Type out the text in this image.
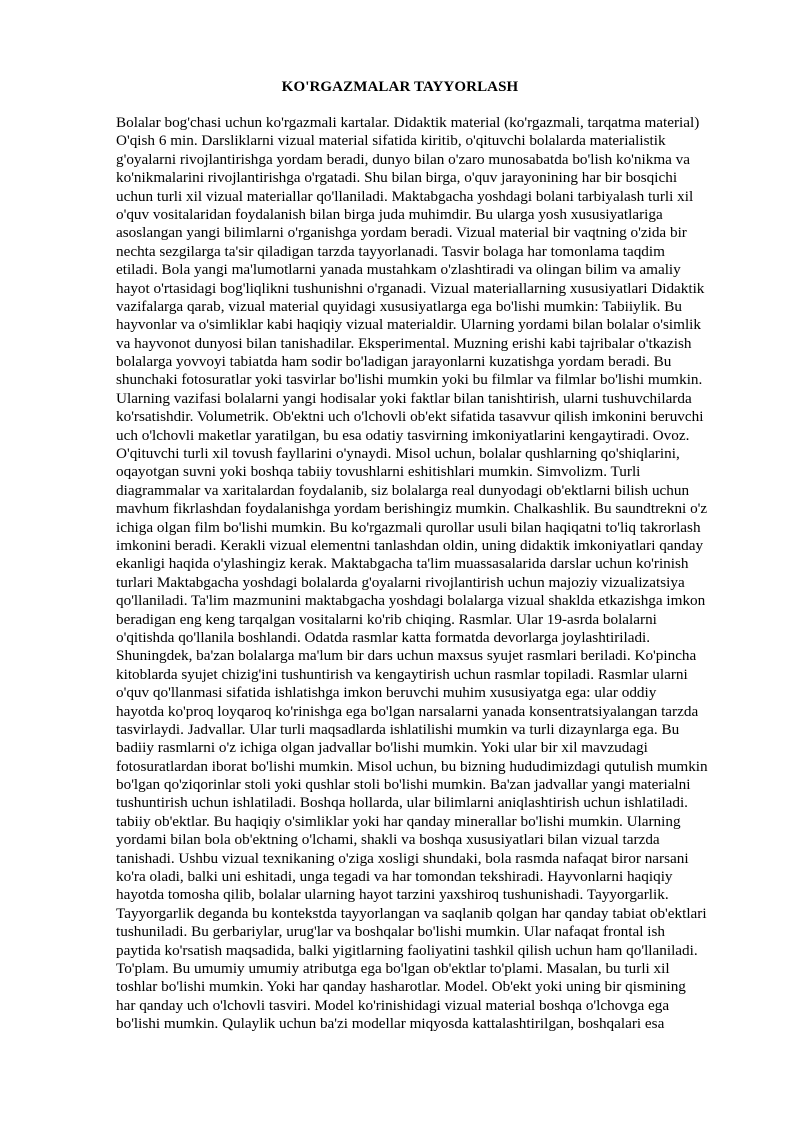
KO'RGAZMALAR TAYYORLASH
Bolalar bog'chasi uchun ko'rgazmali kartalar. Didaktik material (ko'rgazmali, tarqatma material)
O'qish 6 min. Darsliklarni vizual material sifatida kiritib, o'qituvchi bolalarda materialistik
g'oyalarni rivojlantirishga yordam beradi, dunyo bilan o'zaro munosabatda bo'lish ko'nikma va
ko'nikmalarini rivojlantirishga o'rgatadi. Shu bilan birga, o'quv jarayonining har bir bosqichi
uchun turli xil vizual materiallar qo'llaniladi. Maktabgacha yoshdagi bolani tarbiyalash turli xil
o'quv vositalaridan foydalanish bilan birga juda muhimdir. Bu ularga yosh xususiyatlariga
asoslangan yangi bilimlarni o'rganishga yordam beradi. Vizual material bir vaqtning o'zida bir
nechta sezgilarga ta'sir qiladigan tarzda tayyorlanadi. Tasvir bolaga har tomonlama taqdim
etiladi. Bola yangi ma'lumotlarni yanada mustahkam o'zlashtiradi va olingan bilim va amaliy
hayot o'rtasidagi bog'liqlikni tushunishni o'rganadi. Vizual materiallarning xususiyatlari Didaktik
vazifalarga qarab, vizual material quyidagi xususiyatlarga ega bo'lishi mumkin: Tabiiylik. Bu
hayvonlar va o'simliklar kabi haqiqiy vizual materialdir. Ularning yordami bilan bolalar o'simlik
va hayvonot dunyosi bilan tanishadilar. Eksperimental. Muzning erishi kabi tajribalar o'tkazish
bolalarga yovvoyi tabiatda ham sodir bo'ladigan jarayonlarni kuzatishga yordam beradi. Bu
shunchaki fotosuratlar yoki tasvirlar bo'lishi mumkin yoki bu filmlar va filmlar bo'lishi mumkin.
Ularning vazifasi bolalarni yangi hodisalar yoki faktlar bilan tanishtirish, ularni tushuvchilarda
ko'rsatishdir. Volumetrik. Ob'ektni uch o'lchovli ob'ekt sifatida tasavvur qilish imkonini beruvchi
uch o'lchovli maketlar yaratilgan, bu esa odatiy tasvirning imkoniyatlarini kengaytiradi. Ovoz.
O'qituvchi turli xil tovush fayllarini o'ynaydi. Misol uchun, bolalar qushlarning qo'shiqlarini,
oqayotgan suvni yoki boshqa tabiiy tovushlarni eshitishlari mumkin. Simvolizm. Turli
diagrammalar va xaritalardan foydalanib, siz bolalarga real dunyodagi ob'ektlarni bilish uchun
mavhum fikrlashdan foydalanishga yordam berishingiz mumkin. Chalkashlik. Bu saundtrekni o'z
ichiga olgan film bo'lishi mumkin. Bu ko'rgazmali qurollar usuli bilan haqiqatni to'liq takrorlash
imkonini beradi. Kerakli vizual elementni tanlashdan oldin, uning didaktik imkoniyatlari qanday
ekanligi haqida o'ylashingiz kerak. Maktabgacha ta'lim muassasalarida darslar uchun ko'rinish
turlari Maktabgacha yoshdagi bolalarda g'oyalarni rivojlantirish uchun majoziy vizualizatsiya
qo'llaniladi. Ta'lim mazmunini maktabgacha yoshdagi bolalarga vizual shaklda etkazishga imkon
beradigan eng keng tarqalgan vositalarni ko'rib chiqing. Rasmlar. Ular 19-asrda bolalarni
o'qitishda qo'llanila boshlandi. Odatda rasmlar katta formatda devorlarga joylashtiriladi.
Shuningdek, ba'zan bolalarga ma'lum bir dars uchun maxsus syujet rasmlari beriladi. Ko'pincha
kitoblarda syujet chizig'ini tushuntirish va kengaytirish uchun rasmlar topiladi. Rasmlar ularni
o'quv qo'llanmasi sifatida ishlatishga imkon beruvchi muhim xususiyatga ega: ular oddiy
hayotda ko'proq loyqaroq ko'rinishga ega bo'lgan narsalarni yanada konsentratsiyalangan tarzda
tasvirlaydi. Jadvallar. Ular turli maqsadlarda ishlatilishi mumkin va turli dizaynlarga ega. Bu
badiiy rasmlarni o'z ichiga olgan jadvallar bo'lishi mumkin. Yoki ular bir xil mavzudagi
fotosuratlardan iborat bo'lishi mumkin. Misol uchun, bu bizning hududimizdagi qutulish mumkin
bo'lgan qo'ziqorinlar stoli yoki qushlar stoli bo'lishi mumkin. Ba'zan jadvallar yangi materialni
tushuntirish uchun ishlatiladi. Boshqa hollarda, ular bilimlarni aniqlashtirish uchun ishlatiladi.
tabiiy ob'ektlar. Bu haqiqiy o'simliklar yoki har qanday minerallar bo'lishi mumkin. Ularning
yordami bilan bola ob'ektning o'lchami, shakli va boshqa xususiyatlari bilan vizual tarzda
tanishadi. Ushbu vizual texnikaning o'ziga xosligi shundaki, bola rasmda nafaqat biror narsani
ko'ra oladi, balki uni eshitadi, unga tegadi va har tomondan tekshiradi. Hayvonlarni haqiqiy
hayotda tomosha qilib, bolalar ularning hayot tarzini yaxshiroq tushunishadi. Tayyorgarlik.
Tayyorgarlik deganda bu kontekstda tayyorlangan va saqlanib qolgan har qanday tabiat ob'ektlari
tushuniladi. Bu gerbariylar, urug'lar va boshqalar bo'lishi mumkin. Ular nafaqat frontal ish
paytida ko'rsatish maqsadida, balki yigitlarning faoliyatini tashkil qilish uchun ham qo'llaniladi.
To'plam. Bu umumiy umumiy atributga ega bo'lgan ob'ektlar to'plami. Masalan, bu turli xil
toshlar bo'lishi mumkin. Yoki har qanday hasharotlar. Model. Ob'ekt yoki uning bir qismining
har qanday uch o'lchovli tasviri. Model ko'rinishidagi vizual material boshqa o'lchovga ega
bo'lishi mumkin. Qulaylik uchun ba'zi modellar miqyosda kattalashtirilgan, boshqalari esa
